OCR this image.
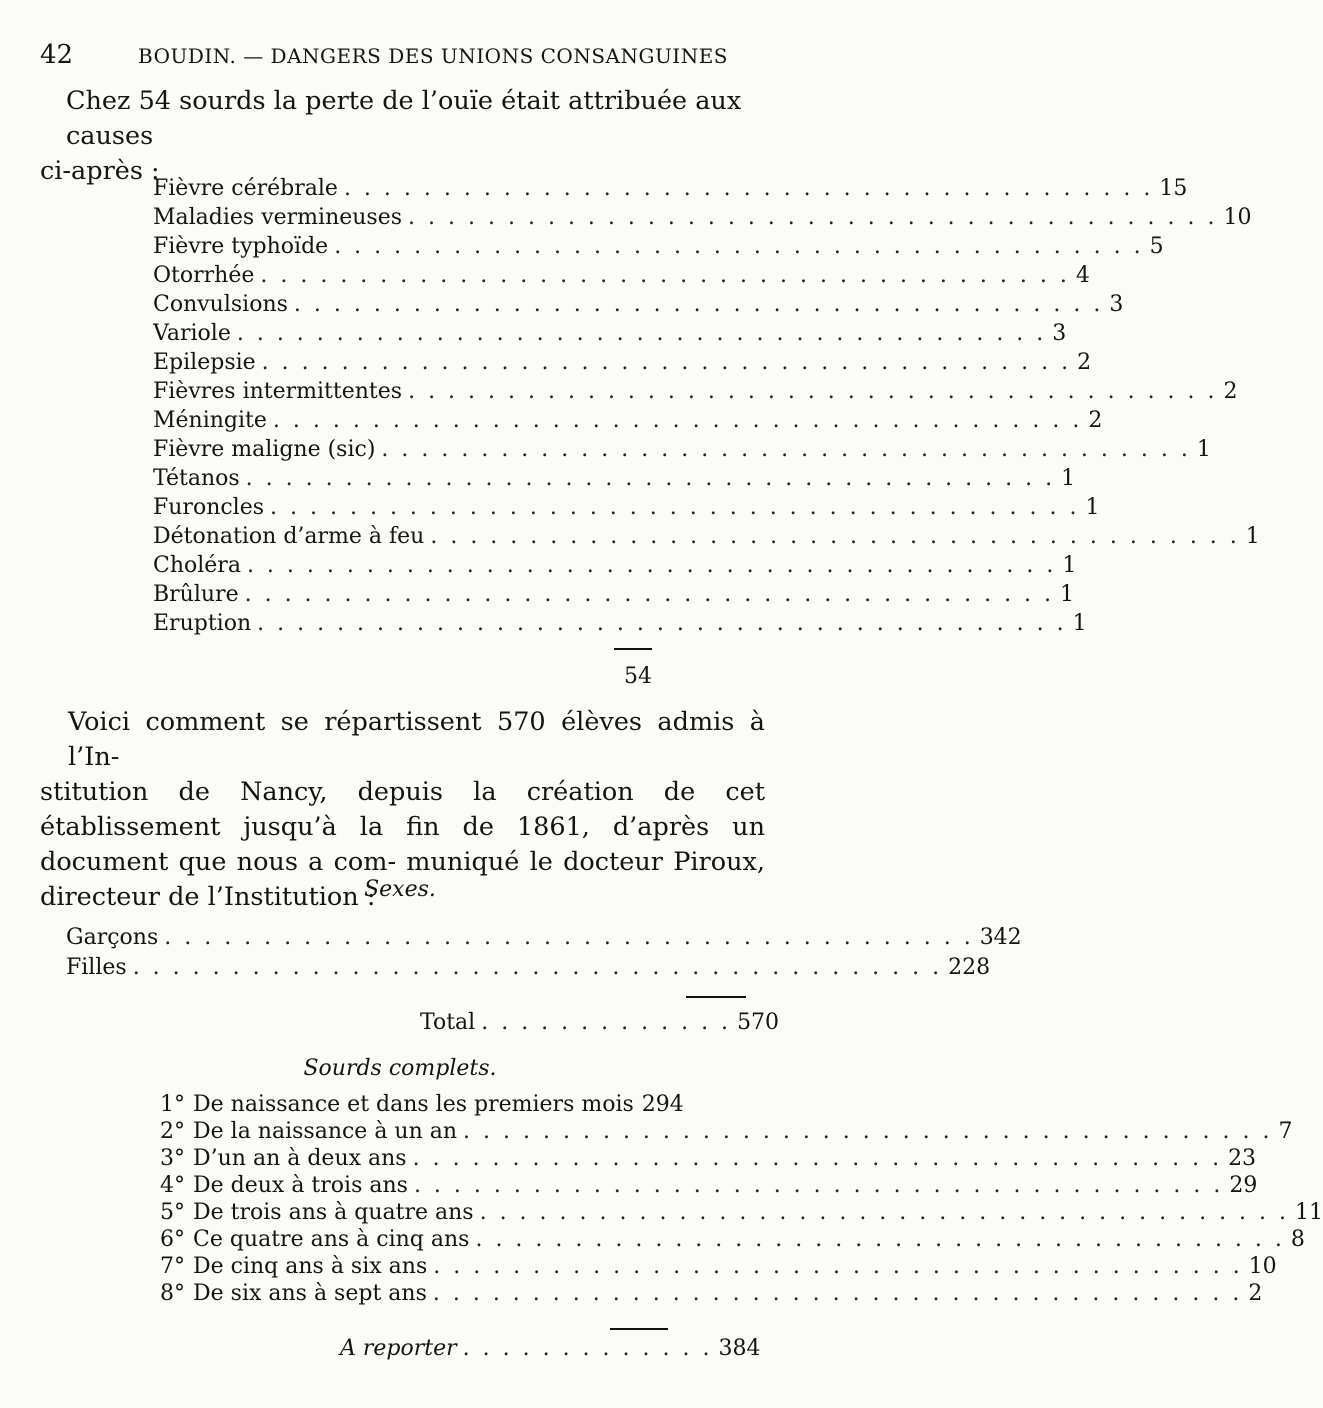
42	BOUDIN. — DANGERS DES UNIONS CONSANGUINES

Chez 54 sourds la perte de l’ouïe était attribuée aux causes
ci-après :

Fièvre cérébrale . . . . . . . . . . . . . . . . . . . . . . . . . . . . . . . . . . . . . . . . . 15
Maladies vermineuses . . . . . . . . . . . . . . . . . . . . . . . . . . . . . . . . . . . . . . . . . 10
Fièvre typhoïde . . . . . . . . . . . . . . . . . . . . . . . . . . . . . . . . . . . . . . . . . 5
Otorrhée . . . . . . . . . . . . . . . . . . . . . . . . . . . . . . . . . . . . . . . . . 4
Convulsions . . . . . . . . . . . . . . . . . . . . . . . . . . . . . . . . . . . . . . . . . 3
Variole . . . . . . . . . . . . . . . . . . . . . . . . . . . . . . . . . . . . . . . . . 3
Epilepsie . . . . . . . . . . . . . . . . . . . . . . . . . . . . . . . . . . . . . . . . . 2
Fièvres intermittentes . . . . . . . . . . . . . . . . . . . . . . . . . . . . . . . . . . . . . . . . . 2
Méningite . . . . . . . . . . . . . . . . . . . . . . . . . . . . . . . . . . . . . . . . . 2
Fièvre maligne (sic) . . . . . . . . . . . . . . . . . . . . . . . . . . . . . . . . . . . . . . . . . 1
Tétanos . . . . . . . . . . . . . . . . . . . . . . . . . . . . . . . . . . . . . . . . . 1
Furoncles . . . . . . . . . . . . . . . . . . . . . . . . . . . . . . . . . . . . . . . . . 1
Détonation d’arme à feu . . . . . . . . . . . . . . . . . . . . . . . . . . . . . . . . . . . . . . . . . 1
Choléra . . . . . . . . . . . . . . . . . . . . . . . . . . . . . . . . . . . . . . . . . 1
Brûlure . . . . . . . . . . . . . . . . . . . . . . . . . . . . . . . . . . . . . . . . . 1
Eruption . . . . . . . . . . . . . . . . . . . . . . . . . . . . . . . . . . . . . . . . . 1
54

Voici comment se répartissent 570 élèves admis à l’In-
stitution de Nancy, depuis la création de cet établissement jusqu’à la fin de 1861, d’après un document que nous a com- muniqué le docteur Piroux, directeur de l’Institution :

Sexes.
Garçons . . . . . . . . . . . . . . . . . . . . . . . . . . . . . . . . . . . . . . . . . 342
Filles . . . . . . . . . . . . . . . . . . . . . . . . . . . . . . . . . . . . . . . . . 228
Total . . . . . . . . . . . . . 570
Sourds complets.
1° De naissance et dans les premiers mois 294
2° De la naissance à un an . . . . . . . . . . . . . . . . . . . . . . . . . . . . . . . . . . . . . . . . . 7
3° D’un an à deux ans . . . . . . . . . . . . . . . . . . . . . . . . . . . . . . . . . . . . . . . . . 23
4° De deux à trois ans . . . . . . . . . . . . . . . . . . . . . . . . . . . . . . . . . . . . . . . . . 29
5° De trois ans à quatre ans . . . . . . . . . . . . . . . . . . . . . . . . . . . . . . . . . . . . . . . . . 11
6° Ce quatre ans à cinq ans . . . . . . . . . . . . . . . . . . . . . . . . . . . . . . . . . . . . . . . . . 8
7° De cinq ans à six ans . . . . . . . . . . . . . . . . . . . . . . . . . . . . . . . . . . . . . . . . . 10
8° De six ans à sept ans . . . . . . . . . . . . . . . . . . . . . . . . . . . . . . . . . . . . . . . . . 2
A reporter . . . . . . . . . . . . . 384
